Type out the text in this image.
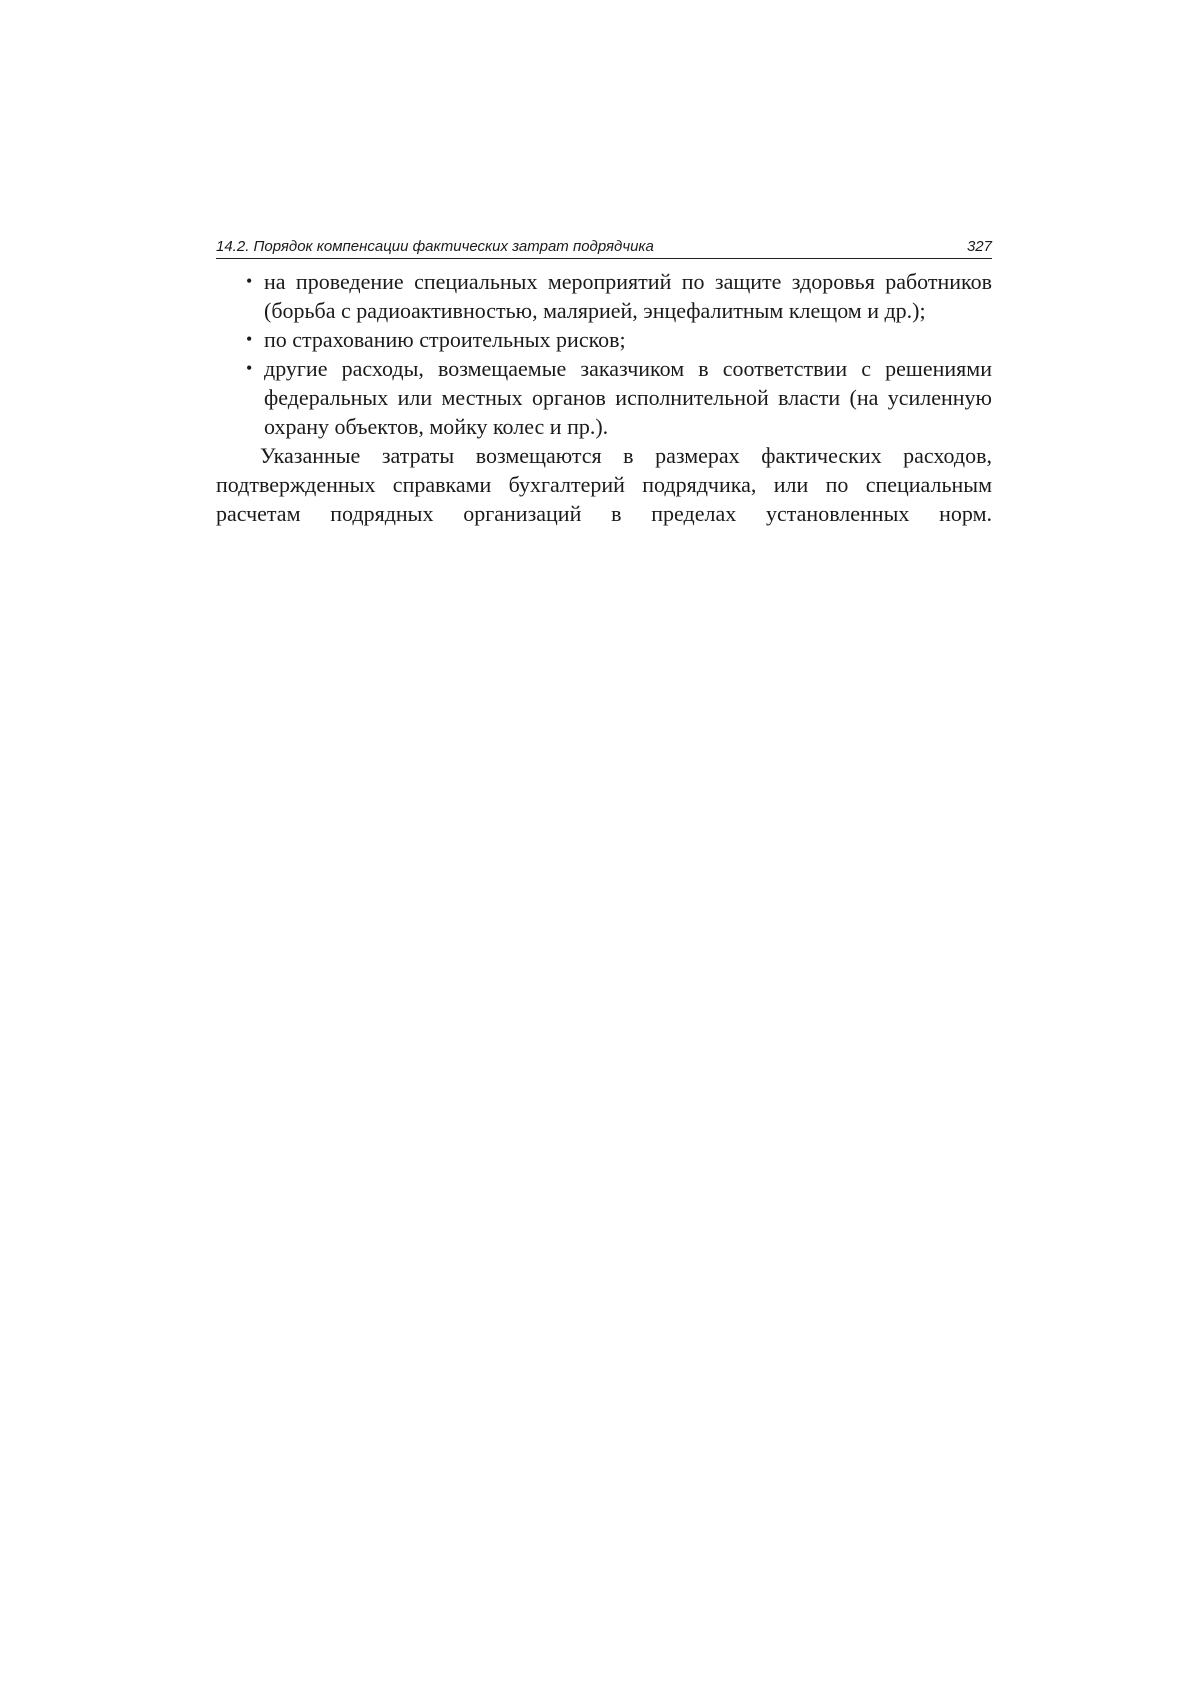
14.2. Порядок компенсации фактических затрат подрядчика	327
• на проведение специальных мероприятий по защите здоровья работников (борьба с радиоактивностью, малярией, энцефалитным клещом и др.);
• по страхованию строительных рисков;
• другие расходы, возмещаемые заказчиком в соответствии с решениями федеральных или местных органов исполнительной власти (на усиленную охрану объектов, мойку колес и пр.).

Указанные затраты возмещаются в размерах фактических расходов, подтвержденных справками бухгалтерий подрядчика, или по специальным расчетам подрядных организаций в пределах установленных норм.
